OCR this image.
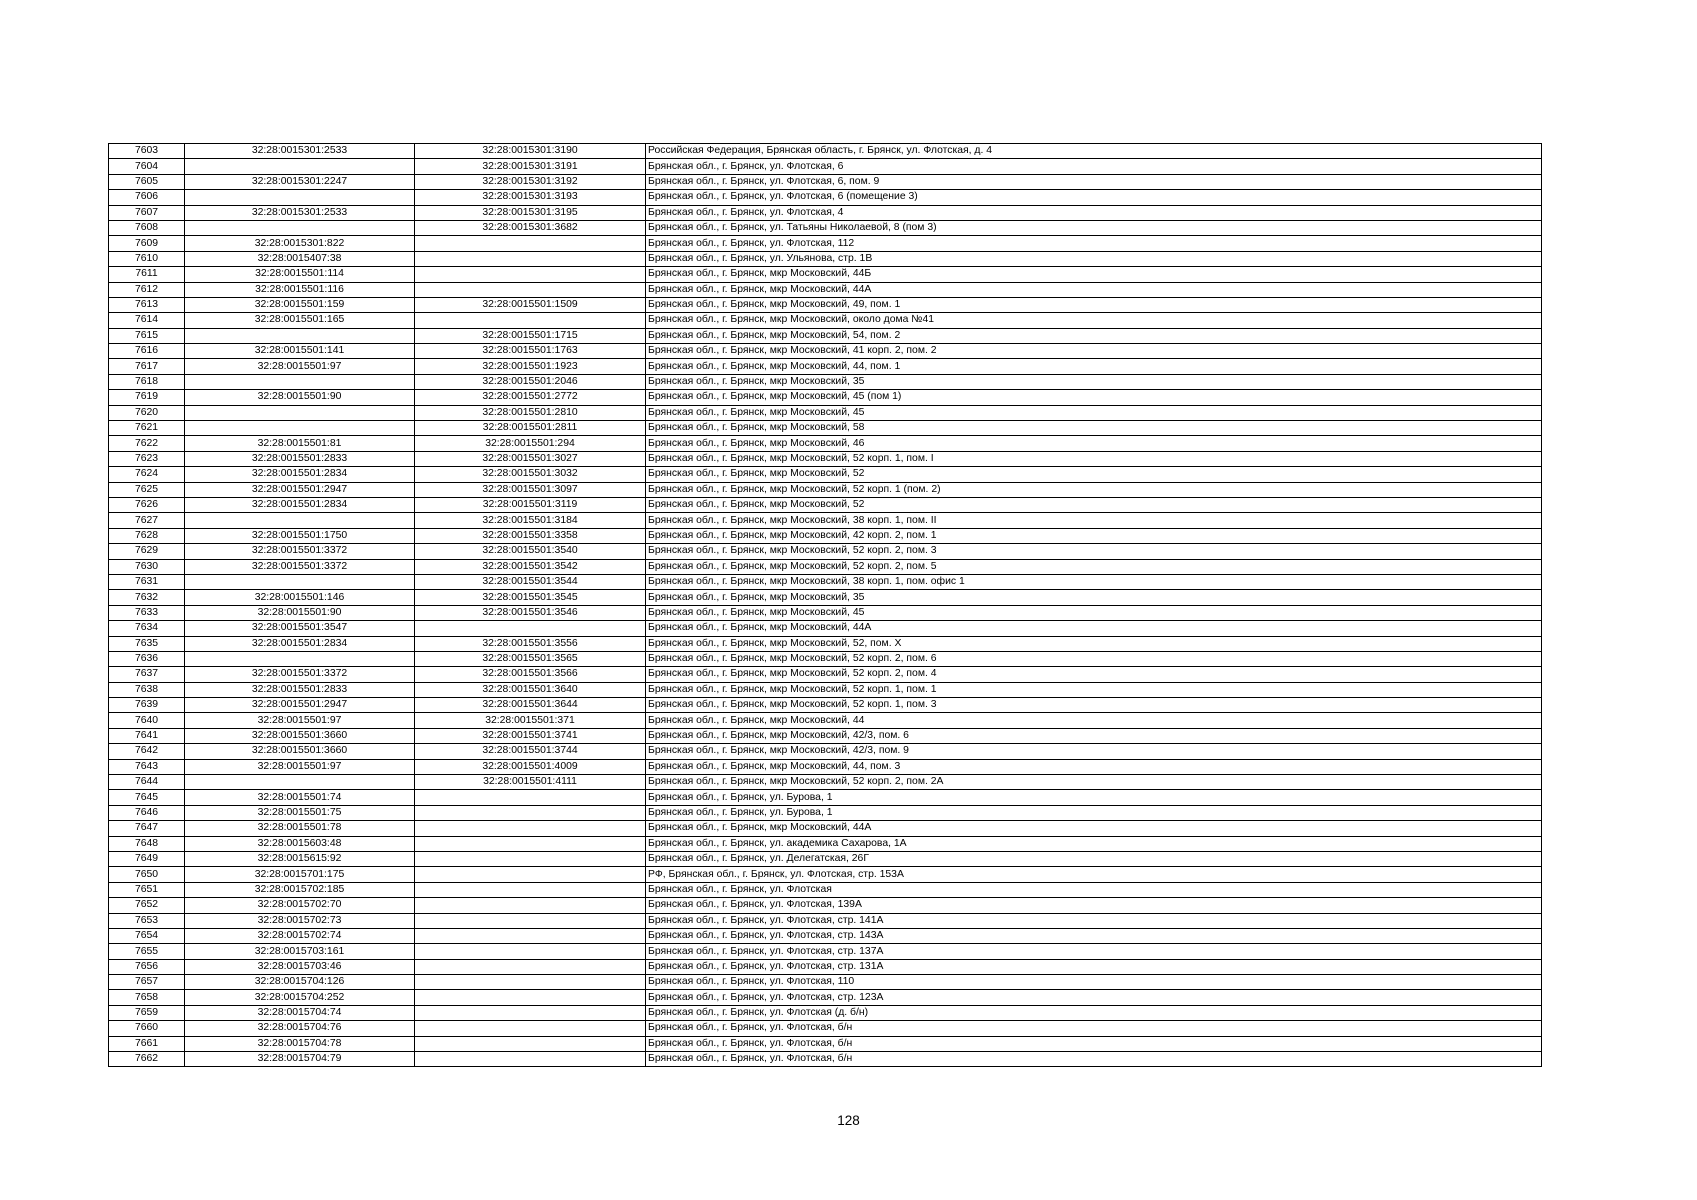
7603	32:28:0015301:2533	32:28:0015301:3190	Российская Федерация, Брянская область, г. Брянск, ул. Флотская, д. 4
7604		32:28:0015301:3191	Брянская обл., г. Брянск, ул. Флотская, 6
7605	32:28:0015301:2247	32:28:0015301:3192	Брянская обл., г. Брянск, ул. Флотская, 6, пом. 9
7606		32:28:0015301:3193	Брянская обл., г. Брянск, ул. Флотская, 6 (помещение 3)
7607	32:28:0015301:2533	32:28:0015301:3195	Брянская обл., г. Брянск, ул. Флотская, 4
7608		32:28:0015301:3682	Брянская обл., г. Брянск, ул. Татьяны Николаевой, 8 (пом 3)
7609	32:28:0015301:822		Брянская обл., г. Брянск, ул. Флотская, 112
7610	32:28:0015407:38		Брянская обл., г. Брянск, ул. Ульянова, стр. 1В
7611	32:28:0015501:114		Брянская обл., г. Брянск, мкр Московский, 44Б
7612	32:28:0015501:116		Брянская обл., г. Брянск, мкр Московский, 44А
7613	32:28:0015501:159	32:28:0015501:1509	Брянская обл., г. Брянск, мкр Московский, 49, пом. 1
7614	32:28:0015501:165		Брянская обл., г. Брянск, мкр Московский, около дома №41
7615		32:28:0015501:1715	Брянская обл., г. Брянск, мкр Московский, 54, пом. 2
7616	32:28:0015501:141	32:28:0015501:1763	Брянская обл., г. Брянск, мкр Московский, 41 корп. 2, пом. 2
7617	32:28:0015501:97	32:28:0015501:1923	Брянская обл., г. Брянск, мкр Московский, 44, пом. 1
7618		32:28:0015501:2046	Брянская обл., г. Брянск, мкр Московский, 35
7619	32:28:0015501:90	32:28:0015501:2772	Брянская обл., г. Брянск, мкр Московский, 45 (пом 1)
7620		32:28:0015501:2810	Брянская обл., г. Брянск, мкр Московский, 45
7621		32:28:0015501:2811	Брянская обл., г. Брянск, мкр Московский, 58
7622	32:28:0015501:81	32:28:0015501:294	Брянская обл., г. Брянск, мкр Московский, 46
7623	32:28:0015501:2833	32:28:0015501:3027	Брянская обл., г. Брянск, мкр Московский, 52 корп. 1, пом. I
7624	32:28:0015501:2834	32:28:0015501:3032	Брянская обл., г. Брянск, мкр Московский, 52
7625	32:28:0015501:2947	32:28:0015501:3097	Брянская обл., г. Брянск, мкр Московский, 52 корп. 1 (пом. 2)
7626	32:28:0015501:2834	32:28:0015501:3119	Брянская обл., г. Брянск, мкр Московский, 52
7627		32:28:0015501:3184	Брянская обл., г. Брянск, мкр Московский, 38 корп. 1, пом. II
7628	32:28:0015501:1750	32:28:0015501:3358	Брянская обл., г. Брянск, мкр Московский, 42 корп. 2, пом. 1
7629	32:28:0015501:3372	32:28:0015501:3540	Брянская обл., г. Брянск, мкр Московский, 52 корп. 2, пом. 3
7630	32:28:0015501:3372	32:28:0015501:3542	Брянская обл., г. Брянск, мкр Московский, 52 корп. 2, пом. 5
7631		32:28:0015501:3544	Брянская обл., г. Брянск, мкр Московский, 38 корп. 1, пом. офис 1
7632	32:28:0015501:146	32:28:0015501:3545	Брянская обл., г. Брянск, мкр Московский, 35
7633	32:28:0015501:90	32:28:0015501:3546	Брянская обл., г. Брянск, мкр Московский, 45
7634	32:28:0015501:3547		Брянская обл., г. Брянск, мкр Московский, 44А
7635	32:28:0015501:2834	32:28:0015501:3556	Брянская обл., г. Брянск, мкр Московский, 52, пом. X
7636		32:28:0015501:3565	Брянская обл., г. Брянск, мкр Московский, 52 корп. 2, пом. 6
7637	32:28:0015501:3372	32:28:0015501:3566	Брянская обл., г. Брянск, мкр Московский, 52 корп. 2, пом. 4
7638	32:28:0015501:2833	32:28:0015501:3640	Брянская обл., г. Брянск, мкр Московский, 52 корп. 1, пом. 1
7639	32:28:0015501:2947	32:28:0015501:3644	Брянская обл., г. Брянск, мкр Московский, 52 корп. 1, пом. 3
7640	32:28:0015501:97	32:28:0015501:371	Брянская обл., г. Брянск, мкр Московский, 44
7641	32:28:0015501:3660	32:28:0015501:3741	Брянская обл., г. Брянск, мкр Московский, 42/3, пом. 6
7642	32:28:0015501:3660	32:28:0015501:3744	Брянская обл., г. Брянск, мкр Московский, 42/3, пом. 9
7643	32:28:0015501:97	32:28:0015501:4009	Брянская обл., г. Брянск, мкр Московский, 44, пом. 3
7644		32:28:0015501:4111	Брянская обл., г. Брянск, мкр Московский, 52 корп. 2, пом. 2А
7645	32:28:0015501:74		Брянская обл., г. Брянск, ул. Бурова, 1
7646	32:28:0015501:75		Брянская обл., г. Брянск, ул. Бурова, 1
7647	32:28:0015501:78		Брянская обл., г. Брянск, мкр Московский, 44А
7648	32:28:0015603:48		Брянская обл., г. Брянск, ул. академика Сахарова, 1А
7649	32:28:0015615:92		Брянская обл., г. Брянск, ул. Делегатская, 26Г
7650	32:28:0015701:175		РФ, Брянская обл., г. Брянск, ул. Флотская, стр. 153А
7651	32:28:0015702:185		Брянская обл., г. Брянск, ул. Флотская
7652	32:28:0015702:70		Брянская обл., г. Брянск, ул. Флотская, 139А
7653	32:28:0015702:73		Брянская обл., г. Брянск, ул. Флотская, стр. 141А
7654	32:28:0015702:74		Брянская обл., г. Брянск, ул. Флотская, стр. 143А
7655	32:28:0015703:161		Брянская обл., г. Брянск, ул. Флотская, стр. 137А
7656	32:28:0015703:46		Брянская обл., г. Брянск, ул. Флотская, стр. 131А
7657	32:28:0015704:126		Брянская обл., г. Брянск, ул. Флотская, 110
7658	32:28:0015704:252		Брянская обл., г. Брянск, ул. Флотская, стр. 123А
7659	32:28:0015704:74		Брянская обл., г. Брянск, ул. Флотская (д. б/н)
7660	32:28:0015704:76		Брянская обл., г. Брянск, ул. Флотская, б/н
7661	32:28:0015704:78		Брянская обл., г. Брянск, ул. Флотская, б/н
7662	32:28:0015704:79		Брянская обл., г. Брянск, ул. Флотская, б/н
128
